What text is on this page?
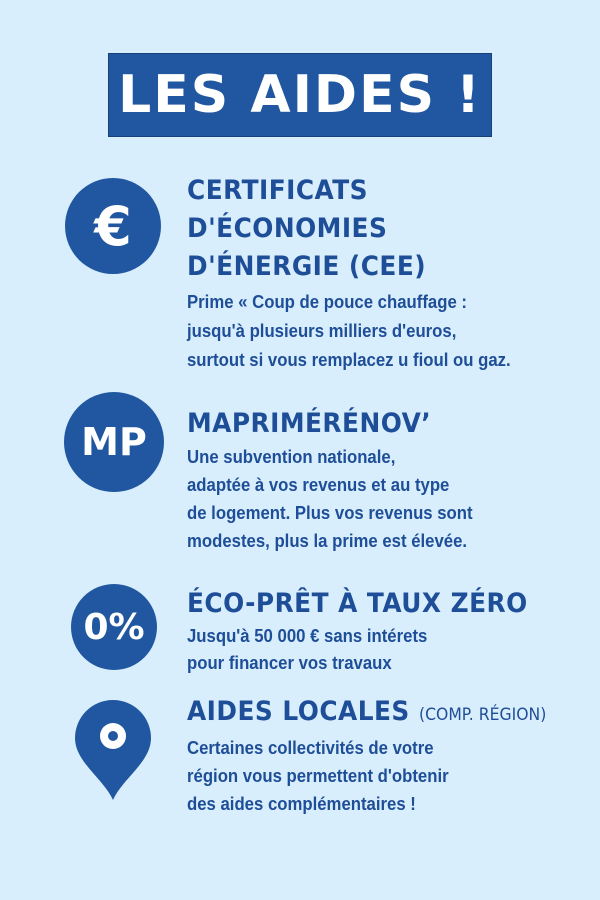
LES AIDES !
€
CERTIFICATS
D'ÉCONOMIES
D'ÉNERGIE (CEE)
Prime « Coup de pouce chauffage :
jusqu'à plusieurs milliers d'euros,
surtout si vous remplacez u fioul ou gaz.
MP MAPRIMÉRÉNOV’
Une subvention nationale,
adaptée à vos revenus et au type
de logement. Plus vos revenus sont
modestes, plus la prime est élevée.
0%
ÉCO-PRÊT À TAUX ZÉRO
Jusqu'à 50 000 € sans intérets
pour financer vos travaux
AIDES LOCALES (COMP. RÉGION)
Certaines collectivités de votre
région vous permettent d'obtenir
des aides complémentaires !
